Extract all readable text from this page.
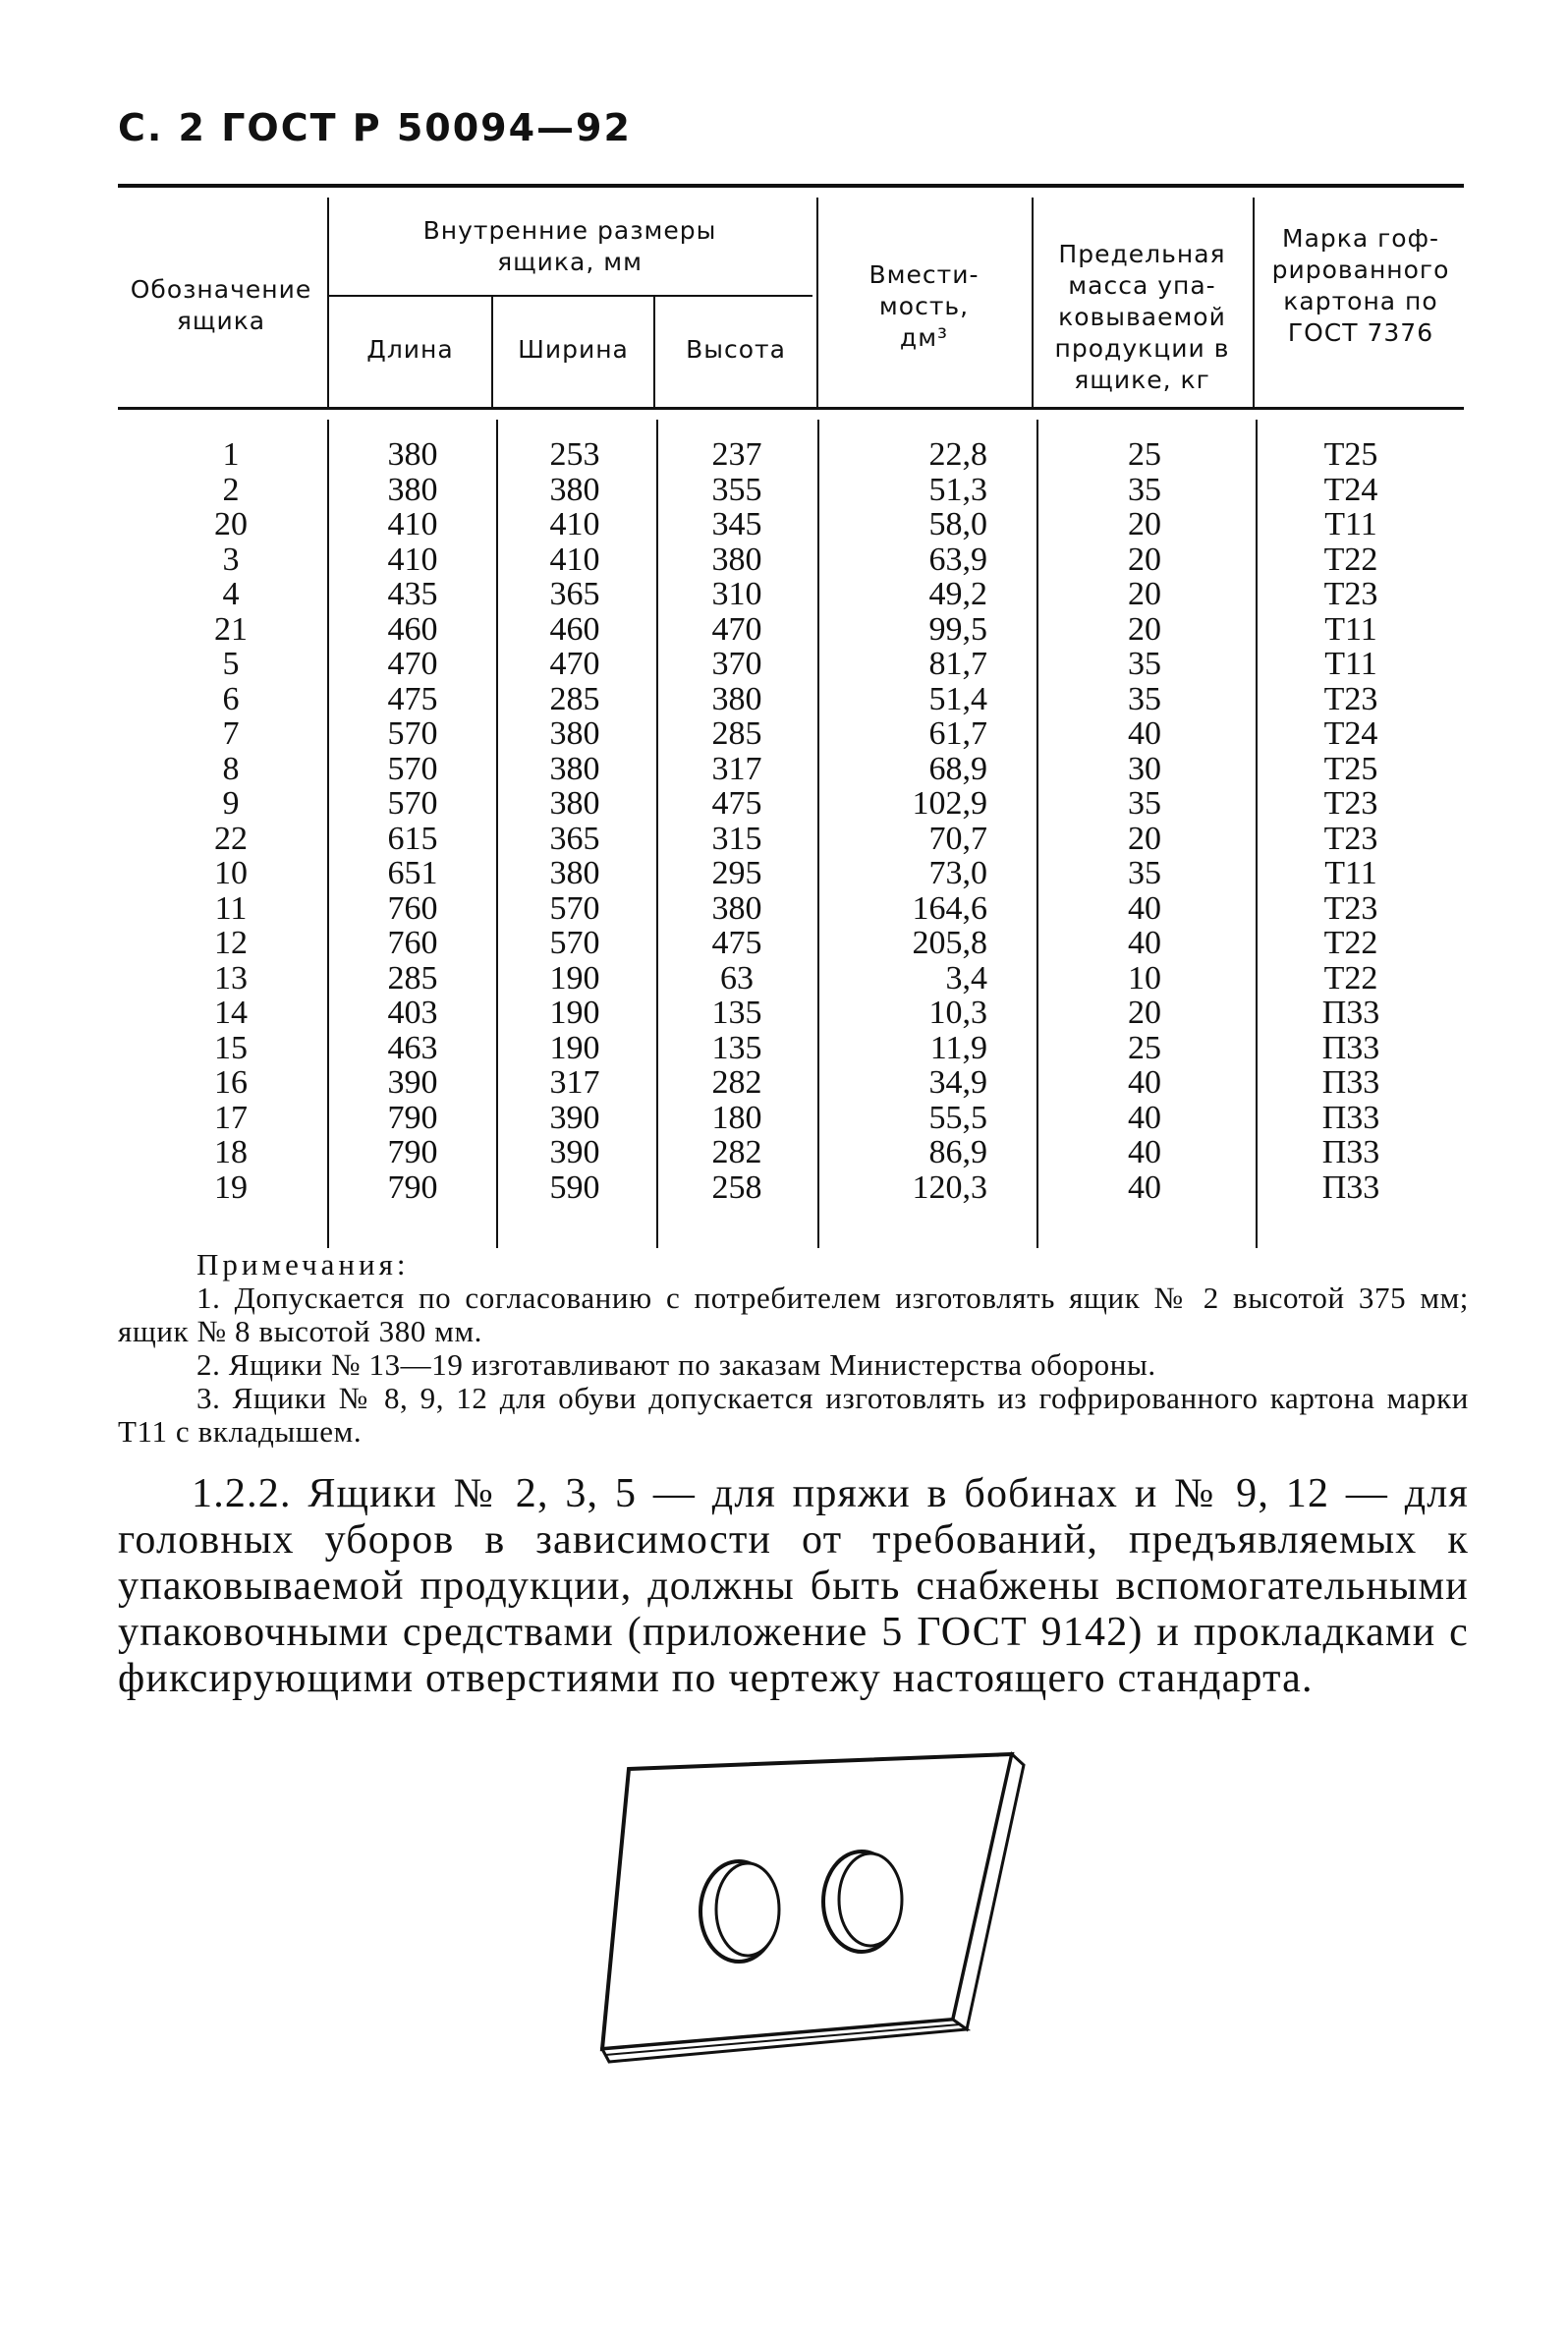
С. 2 ГОСТ Р 50094—92
Обозначение ящика
Внутренние размеры ящика, мм
Длина	Ширина	Высота
Вмести-мость, дм³
Предельная масса упа-ковываемой продукции в ящике, кг
Марка гоф-рированного картона по ГОСТ 7376
1
2
20
3
4
21
5
6
7
8
9
22
10
11
12
13
14
15
16
17
18
19
380
380
410
410
435
460
470
475
570
570
570
615
651
760
760
285
403
463
390
790
790
790
253
380
410
410
365
460
470
285
380
380
380
365
380
570
570
190
190
190
317
390
390
590
237
355
345
380
310
470
370
380
285
317
475
315
295
380
475
63
135
135
282
180
282
258
22,8
51,3
58,0
63,9
49,2
99,5
81,7
51,4
61,7
68,9
102,9
70,7
73,0
164,6
205,8
3,4
10,3
11,9
34,9
55,5
86,9
120,3
25
35
20
20
20
20
35
35
40
30
35
20
35
40
40
10
20
25
40
40
40
40
Т25
Т24
Т11
Т22
Т23
Т11
Т11
Т23
Т24
Т25
Т23
Т23
Т11
Т23
Т22
Т22
П33
П33
П33
П33
П33
П33
Примечания:
1. Допускается по согласованию с потребителем изготовлять ящик № 2 высотой 375 мм; ящик № 8 высотой 380 мм.
2. Ящики № 13—19 изготавливают по заказам Министерства обороны.
3. Ящики № 8, 9, 12 для обуви допускается изготовлять из гофрированного картона марки Т11 с вкладышем.
1.2.2. Ящики № 2, 3, 5 — для пряжи в бобинах и № 9, 12 — для головных уборов в зависимости от требований, предъявляемых к упаковываемой продукции, должны быть снабжены вспомогательными упаковочными средствами (приложение 5 ГОСТ 9142) и прокладками с фиксирующими отверстиями по чертежу настоящего стандарта.
